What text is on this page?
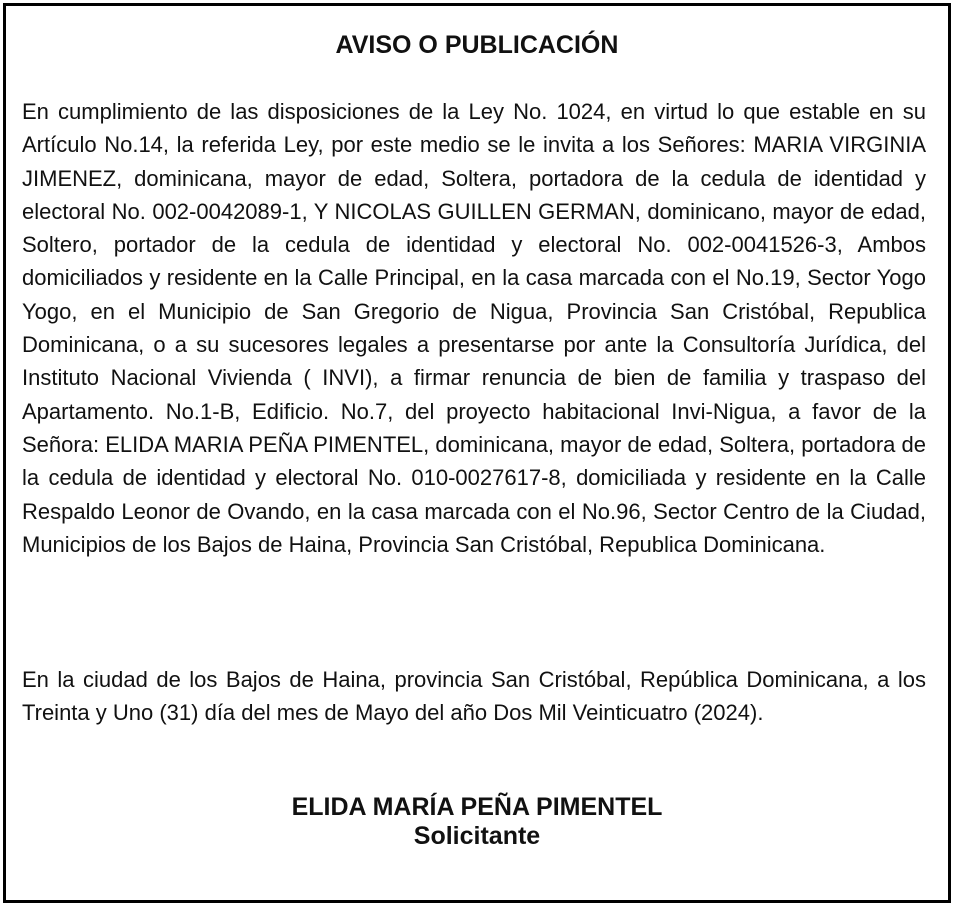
AVISO O PUBLICACIÓN

En cumplimiento de las disposiciones de la Ley No. 1024, en virtud lo que estable en su Artículo No.14, la referida Ley, por este medio se le invita a los Señores: MARIA VIRGINIA JIMENEZ, dominicana, mayor de edad, Soltera, portadora de la cedula de identidad y electoral No. 002-0042089-1, Y NICOLAS GUILLEN GERMAN, dominicano, mayor de edad, Soltero, portador de la cedula de identidad y electoral No. 002-0041526-3, Ambos domiciliados y residente en la Calle Principal, en la casa marcada con el No.19, Sector Yogo Yogo, en el Municipio de San Gregorio de Nigua, Provincia San Cristóbal, Republica Dominicana, o a su sucesores legales a presentarse por ante la Consultoría Jurídica, del Instituto Nacional Vivienda ( INVI), a firmar renuncia de bien de familia y traspaso del Apartamento. No.1-B, Edificio. No.7, del proyecto habitacional Invi-Nigua, a favor de la Señora: ELIDA MARIA PEÑA PIMENTEL, dominicana, mayor de edad, Soltera, portadora de la cedula de identidad y electoral No. 010-0027617-8, domiciliada y residente en la Calle Respaldo Leonor de Ovando, en la casa marcada con el No.96, Sector Centro de la Ciudad, Municipios de los Bajos de Haina, Provincia San Cristóbal, Republica Dominicana.

En la ciudad de los Bajos de Haina, provincia San Cristóbal, República Dominicana, a los Treinta y Uno (31) día del mes de Mayo del año Dos Mil Veinticuatro (2024).

ELIDA MARÍA PEÑA PIMENTEL
Solicitante
